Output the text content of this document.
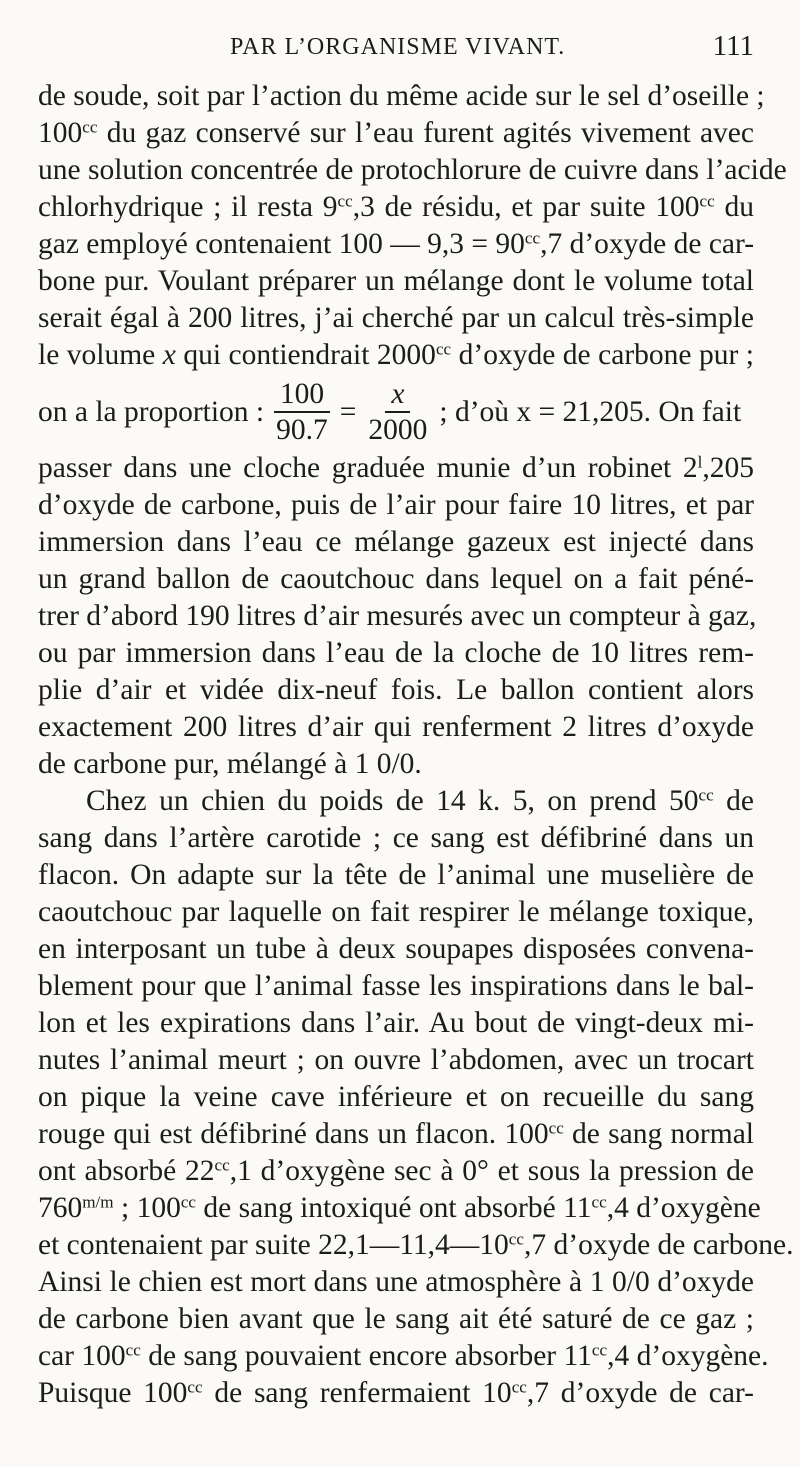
PAR L’ORGANISME VIVANT.	111
de soude, soit par l’action du même acide sur le sel d’oseille ;
$100^{cc}$ du gaz conservé sur l’eau furent agités vivement avec
une solution concentrée de protochlorure de cuivre dans l’acide
chlorhydrique ; il resta $9^{cc},3$ de résidu, et par suite $100^{cc}$ du
gaz employé contenaient 100 — $9,3 = 90^{cc},7$ d’oxyde de car-
bone pur. Voulant préparer un mélange dont le volume total
serait égal à 200 litres, j’ai cherché par un calcul très-simple
le volume x qui contiendrait $2000^{cc}$ d’oxyde de carbone pur ;
on a la proportion : $\frac{100}{90.7} = \frac{x}{2000}$ ; d’où x = 21,205. On fait
passer dans une cloche graduée munie d’un robinet 2$^l$,205
d’oxyde de carbone, puis de l’air pour faire 10 litres, et par
immersion dans l’eau ce mélange gazeux est injecté dans
un grand ballon de caoutchouc dans lequel on a fait péné-
trer d’abord 190 litres d’air mesurés avec un compteur à gaz,
ou par immersion dans l’eau de la cloche de 10 litres rem-
plie d’air et vidée dix-neuf fois. Le ballon contient alors
exactement 200 litres d’air qui renferment 2 litres d’oxyde
de carbone pur, mélangé à 1 0/0.
Chez un chien du poids de 14 k. 5, on prend $50^{cc}$ de
sang dans l’artère carotide ; ce sang est défibriné dans un
flacon. On adapte sur la tête de l’animal une muselière de
caoutchouc par laquelle on fait respirer le mélange toxique,
en interposant un tube à deux soupapes disposées convena-
blement pour que l’animal fasse les inspirations dans le bal-
lon et les expirations dans l’air. Au bout de vingt-deux mi-
nutes l’animal meurt ; on ouvre l’abdomen, avec un trocart
on pique la veine cave inférieure et on recueille du sang
rouge qui est défibriné dans un flacon. $100^{cc}$ de sang normal
ont absorbé $22^{cc},1$ d’oxygène sec à 0° et sous la pression de
$760^{m/m}$ ; $100^{cc}$ de sang intoxiqué ont absorbé $11^{cc},4$ d’oxygène
et contenaient par suite $22,1—11,4—10^{cc},7$ d’oxyde de carbone.
Ainsi le chien est mort dans une atmosphère à 1 0/0 d’oxyde
de carbone bien avant que le sang ait été saturé de ce gaz ;
car $100^{cc}$ de sang pouvaient encore absorber $11^{cc},4$ d’oxygène.
Puisque $100^{cc}$ de sang renfermaient $10^{cc},7$ d’oxyde de car-
